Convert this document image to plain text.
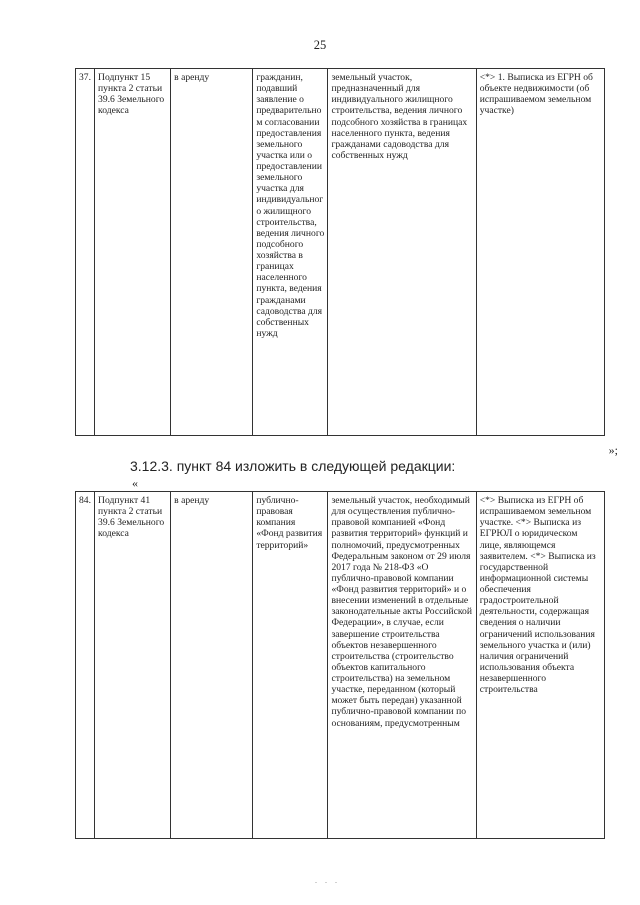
25
37.	Подпункт 15 пункта 2 статьи 39.6 Земельного кодекса	в аренду	гражданин, подавший заявление о предварительном согласовании предоставления земельного участка или о предоставлении земельного участка для индивидуального жилищного строительства, ведения личного подсобного хозяйства в границах населенного пункта, ведения гражданами садоводства для собственных нужд	земельный участок, предназначенный для индивидуального жилищного строительства, ведения личного подсобного хозяйства в границах населенного пункта, ведения гражданами садоводства для собственных нужд	<*> 1. Выписка из ЕГРН об объекте недвижимости (об испрашиваемом земельном участке)
»;
3.12.3. пункт 84 изложить в следующей редакции:
«
84.	Подпункт 41 пункта 2 статьи 39.6 Земельного кодекса	в аренду	публично-правовая компания «Фонд развития территорий»	земельный участок, необходимый для осуществления публично-правовой компанией «Фонд развития территорий» функций и полномочий, предусмотренных Федеральным законом от 29 июля 2017 года № 218-ФЗ «О публично-правовой компании «Фонд развития территорий» и о внесении изменений в отдельные законодательные акты Российской Федерации», в случае, если завершение строительства объектов незавершенного строительства (строительство объектов капитального строительства) на земельном участке, переданном (который может быть передан) указанной публично-правовой компании по основаниям, предусмотренным	<*> Выписка из ЕГРН об испрашиваемом земельном участке. <*> Выписка из ЕГРЮЛ о юридическом лице, являющемся заявителем. <*> Выписка из государственной информационной системы обеспечения градостроительной деятельности, содержащая сведения о наличии ограничений использования земельного участка и (или) наличия ограничений использования объекта незавершенного строительства
. . .
